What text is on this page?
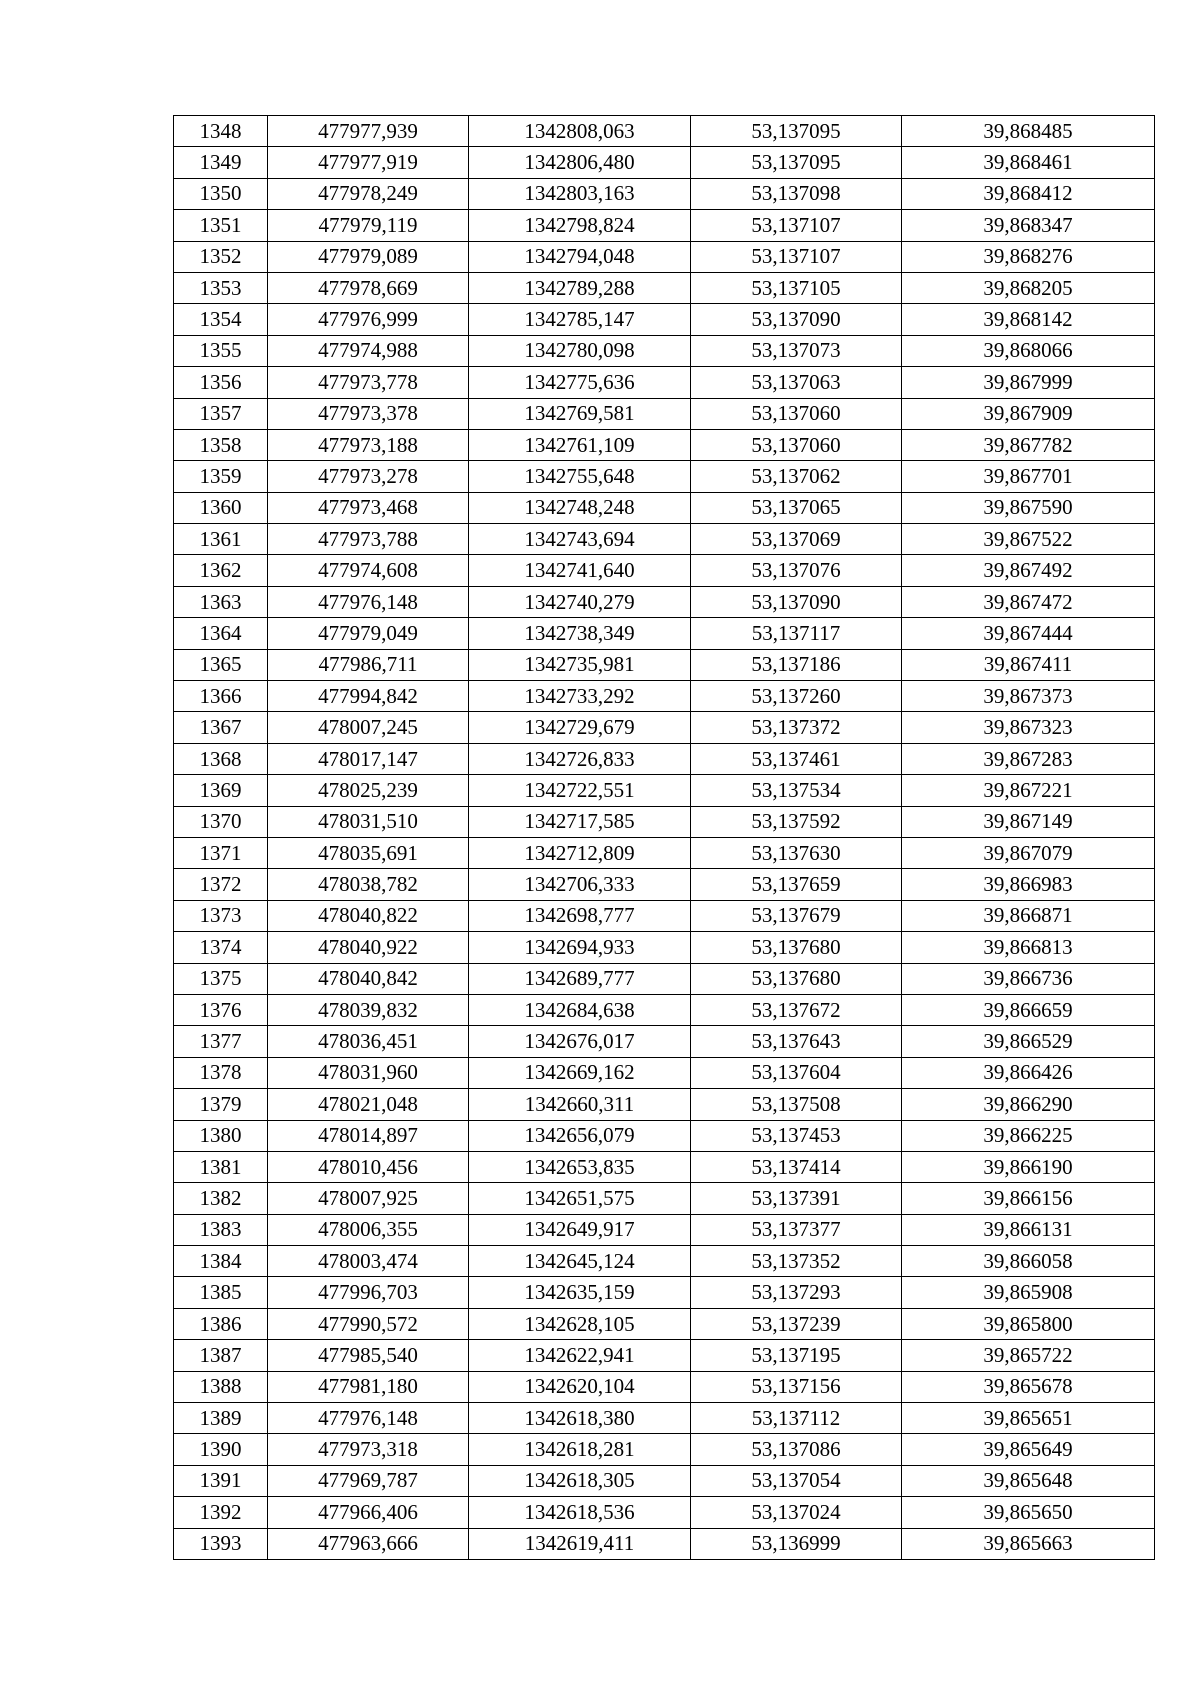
1348	477977,939	1342808,063	53,137095	39,868485
1349	477977,919	1342806,480	53,137095	39,868461
1350	477978,249	1342803,163	53,137098	39,868412
1351	477979,119	1342798,824	53,137107	39,868347
1352	477979,089	1342794,048	53,137107	39,868276
1353	477978,669	1342789,288	53,137105	39,868205
1354	477976,999	1342785,147	53,137090	39,868142
1355	477974,988	1342780,098	53,137073	39,868066
1356	477973,778	1342775,636	53,137063	39,867999
1357	477973,378	1342769,581	53,137060	39,867909
1358	477973,188	1342761,109	53,137060	39,867782
1359	477973,278	1342755,648	53,137062	39,867701
1360	477973,468	1342748,248	53,137065	39,867590
1361	477973,788	1342743,694	53,137069	39,867522
1362	477974,608	1342741,640	53,137076	39,867492
1363	477976,148	1342740,279	53,137090	39,867472
1364	477979,049	1342738,349	53,137117	39,867444
1365	477986,711	1342735,981	53,137186	39,867411
1366	477994,842	1342733,292	53,137260	39,867373
1367	478007,245	1342729,679	53,137372	39,867323
1368	478017,147	1342726,833	53,137461	39,867283
1369	478025,239	1342722,551	53,137534	39,867221
1370	478031,510	1342717,585	53,137592	39,867149
1371	478035,691	1342712,809	53,137630	39,867079
1372	478038,782	1342706,333	53,137659	39,866983
1373	478040,822	1342698,777	53,137679	39,866871
1374	478040,922	1342694,933	53,137680	39,866813
1375	478040,842	1342689,777	53,137680	39,866736
1376	478039,832	1342684,638	53,137672	39,866659
1377	478036,451	1342676,017	53,137643	39,866529
1378	478031,960	1342669,162	53,137604	39,866426
1379	478021,048	1342660,311	53,137508	39,866290
1380	478014,897	1342656,079	53,137453	39,866225
1381	478010,456	1342653,835	53,137414	39,866190
1382	478007,925	1342651,575	53,137391	39,866156
1383	478006,355	1342649,917	53,137377	39,866131
1384	478003,474	1342645,124	53,137352	39,866058
1385	477996,703	1342635,159	53,137293	39,865908
1386	477990,572	1342628,105	53,137239	39,865800
1387	477985,540	1342622,941	53,137195	39,865722
1388	477981,180	1342620,104	53,137156	39,865678
1389	477976,148	1342618,380	53,137112	39,865651
1390	477973,318	1342618,281	53,137086	39,865649
1391	477969,787	1342618,305	53,137054	39,865648
1392	477966,406	1342618,536	53,137024	39,865650
1393	477963,666	1342619,411	53,136999	39,865663
